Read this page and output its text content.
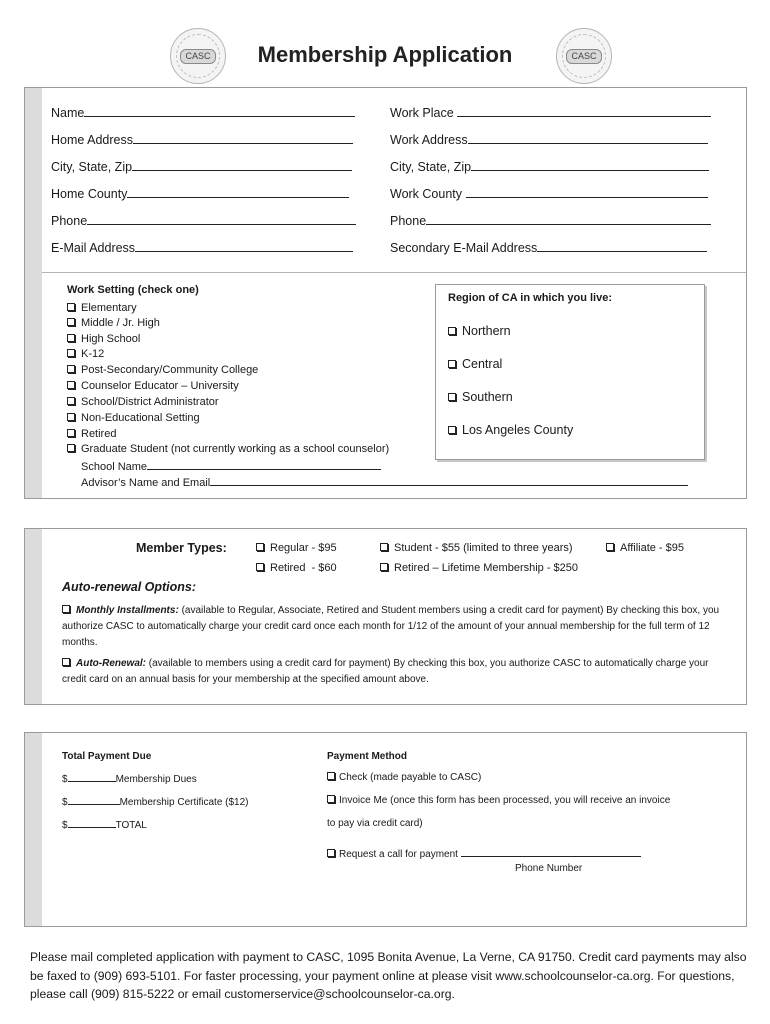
CASC	Membership Application	CASC
Name
Home Address
City, State, Zip
Home County
Phone
E-Mail Address
Work Place
Work Address
City, State, Zip
Work County
Phone
Secondary E-Mail Address
Work Setting (check one)
Elementary
Middle / Jr. High
High School
K-12
Post-Secondary/Community College
Counselor Educator – University
School/District Administrator
Non-Educational Setting
Retired
Graduate Student (not currently working as a school counselor)
School Name
Advisor’s Name and Email
Region of CA in which you live:
Northern
Central
Southern
Los Angeles County
Member Types:	Regular - $95	Student - $55 (limited to three years)	Affiliate - $95
Retired  - $60	Retired – Lifetime Membership - $250
Auto-renewal Options:
Monthly Installments: (available to Regular, Associate, Retired and Student members using a credit card for payment) By checking this box, you authorize CASC to automatically charge your credit card once each month for 1/12 of the amount of your annual membership for the full term of 12 months.
Auto-Renewal: (available to members using a credit card for payment) By checking this box, you authorize CASC to automatically charge your credit card on an annual basis for your membership at the specified amount above.
Total Payment Due
$	Membership Dues
$	Membership Certificate ($12)
$	TOTAL
Payment Method
Check (made payable to CASC)
Invoice Me (once this form has been processed, you will receive an invoice
to pay via credit card)
Request a call for payment
Phone Number
Please mail completed application with payment to CASC, 1095 Bonita Avenue, La Verne, CA 91750. Credit card payments may also be faxed to (909) 693-5101. For faster processing, your payment online at please visit www.schoolcounselor-ca.org. For questions, please call (909) 815-5222 or email customerservice@schoolcounselor-ca.org.
